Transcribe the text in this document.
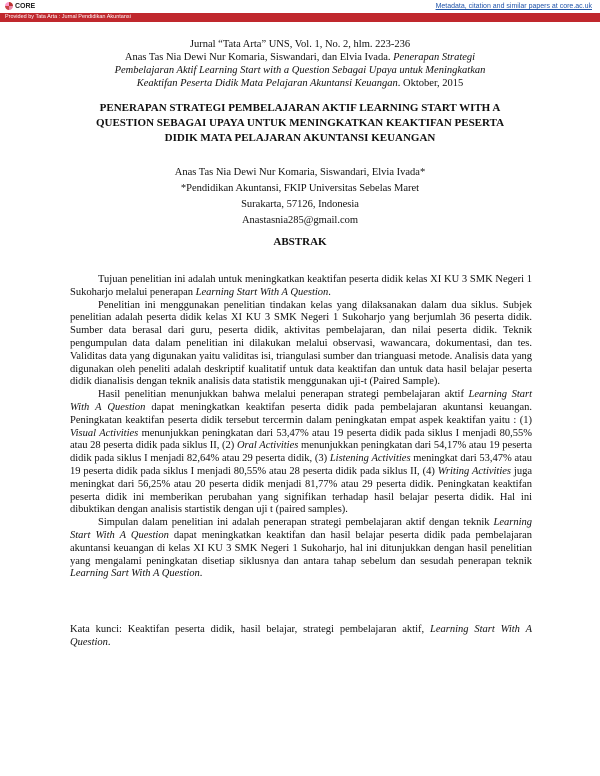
CORE	Metadata, citation and similar papers at core.ac.uk
Provided by Tata Arta : Jurnal Pendidikan Akuntansi
Jurnal “Tata Arta” UNS, Vol. 1, No. 2, hlm. 223-236
Anas Tas Nia Dewi Nur Komaria, Siswandari, dan Elvia Ivada. Penerapan Strategi
Pembelajaran Aktif Learning Start with a Question Sebagai Upaya untuk Meningkatkan
Keaktifan Peserta Didik Mata Pelajaran Akuntansi Keuangan. Oktober, 2015
PENERAPAN STRATEGI PEMBELAJARAN AKTIF LEARNING START WITH A
QUESTION SEBAGAI UPAYA UNTUK MENINGKATKAN KEAKTIFAN PESERTA
DIDIK MATA PELAJARAN AKUNTANSI KEUANGAN
Anas Tas Nia Dewi Nur Komaria, Siswandari, Elvia Ivada*
*Pendidikan Akuntansi, FKIP Universitas Sebelas Maret
Surakarta, 57126, Indonesia
Anastasnia285@gmail.com
ABSTRAK

Tujuan penelitian ini adalah untuk meningkatkan keaktifan peserta didik kelas XI KU 3 SMK Negeri 1 Sukoharjo melalui penerapan Learning Start With A Question.

Penelitian ini menggunakan penelitian tindakan kelas yang dilaksanakan dalam dua siklus. Subjek penelitian adalah peserta didik kelas XI KU 3 SMK Negeri 1 Sukoharjo yang berjumlah 36 peserta didik. Sumber data berasal dari guru, peserta didik, aktivitas pembelajaran, dan nilai peserta didik. Teknik pengumpulan data dalam penelitian ini dilakukan melalui observasi, wawancara, dokumentasi, dan tes. Validitas data yang digunakan yaitu validitas isi, triangulasi sumber dan trianguasi metode. Analisis data yang digunakan oleh peneliti adalah deskriptif kualitatif untuk data keaktifan dan untuk data hasil belajar peserta didik dianalisis dengan teknik analisis data statistik menggunakan uji-t (Paired Sample).

Hasil penelitian menunjukkan bahwa melalui penerapan strategi pembelajaran aktif Learning Start With A Question dapat meningkatkan keaktifan peserta didik pada pembelajaran akuntansi keuangan. Peningkatan keaktifan peserta didik tersebut tercermin dalam peningkatan empat aspek keaktifan yaitu : (1) Visual Activities menunjukkan peningkatan dari 53,47% atau 19 peserta didik pada siklus I menjadi 80,55% atau 28 peserta didik pada siklus II, (2) Oral Activities menunjukkan peningkatan dari 54,17% atau 19 peserta didik pada siklus I menjadi 82,64% atau 29 peserta didik, (3) Listening Activities meningkat dari 53,47% atau 19 peserta didik pada siklus I menjadi 80,55% atau 28 peserta didik pada siklus II, (4) Writing Activities juga meningkat dari 56,25% atau 20 peserta didik menjadi 81,77% atau 29 peserta didik. Peningkatan keaktifan peserta didik ini memberikan perubahan yang signifikan terhadap hasil belajar peserta didik. Hal ini dibuktikan dengan analisis startistik dengan uji t (paired samples).

Simpulan dalam penelitian ini adalah penerapan strategi pembelajaran aktif dengan teknik Learning Start With A Question dapat meningkatkan keaktifan dan hasil belajar peserta didik pada pembelajaran akuntansi keuangan di kelas XI KU 3 SMK Negeri 1 Sukoharjo, hal ini ditunjukkan dengan hasil penelitian yang mengalami peningkatan disetiap siklusnya dan antara tahap sebelum dan sesudah penerapan teknik Learning Sart With A Question.

Kata kunci: Keaktifan peserta didik, hasil belajar, strategi pembelajaran aktif, Learning Start With A Question.
